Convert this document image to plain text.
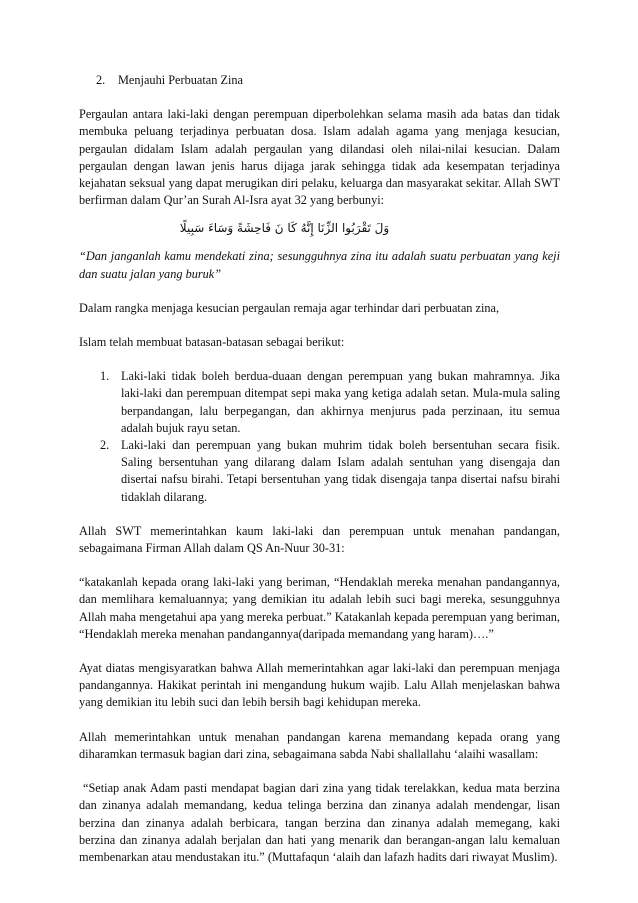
2. Menjauhi Perbuatan Zina

Pergaulan antara laki-laki dengan perempuan diperbolehkan selama masih ada batas dan tidak membuka peluang terjadinya perbuatan dosa. Islam adalah agama yang menjaga kesucian, pergaulan didalam Islam adalah pergaulan yang dilandasi oleh nilai-nilai kesucian. Dalam pergaulan dengan lawan jenis harus dijaga jarak sehingga tidak ada kesempatan terjadinya kejahatan seksual yang dapat merugikan diri pelaku, keluarga dan masyarakat sekitar. Allah SWT berfirman dalam Qur’an Surah Al-Isra ayat 32 yang berbunyi:

وَلَ تَقْرَبُوا الزِّنَا إِنَّهُ كَا نَ فَاحِشَةً وَسَاءَ سَبِيلًا

“Dan janganlah kamu mendekati zina; sesungguhnya zina itu adalah suatu perbuatan yang keji dan suatu jalan yang buruk”

Dalam rangka menjaga kesucian pergaulan remaja agar terhindar dari perbuatan zina,

Islam telah membuat batasan-batasan sebagai berikut:

1. Laki-laki tidak boleh berdua-duaan dengan perempuan yang bukan mahramnya. Jika laki-laki dan perempuan ditempat sepi maka yang ketiga adalah setan. Mula-mula saling berpandangan, lalu berpegangan, dan akhirnya menjurus pada perzinaan, itu semua adalah bujuk rayu setan.
2. Laki-laki dan perempuan yang bukan muhrim tidak boleh bersentuhan secara fisik. Saling bersentuhan yang dilarang dalam Islam adalah sentuhan yang disengaja dan disertai nafsu birahi. Tetapi bersentuhan yang tidak disengaja tanpa disertai nafsu birahi tidaklah dilarang.

Allah SWT memerintahkan kaum laki-laki dan perempuan untuk menahan pandangan, sebagaimana Firman Allah dalam QS An-Nuur 30-31:

“katakanlah kepada orang laki-laki yang beriman, “Hendaklah mereka menahan pandangannya, dan memlihara kemaluannya; yang demikian itu adalah lebih suci bagi mereka, sesungguhnya Allah maha mengetahui apa yang mereka perbuat.” Katakanlah kepada perempuan yang beriman, “Hendaklah mereka menahan pandangannya(daripada memandang yang haram)….”

Ayat diatas mengisyaratkan bahwa Allah memerintahkan agar laki-laki dan perempuan menjaga pandangannya. Hakikat perintah ini mengandung hukum wajib. Lalu Allah menjelaskan bahwa yang demikian itu lebih suci dan lebih bersih bagi kehidupan mereka.

Allah memerintahkan untuk menahan pandangan karena memandang kepada orang yang diharamkan termasuk bagian dari zina, sebagaimana sabda Nabi shallallahu ‘alaihi wasallam:

“Setiap anak Adam pasti mendapat bagian dari zina yang tidak terelakkan, kedua mata berzina dan zinanya adalah memandang, kedua telinga berzina dan zinanya adalah mendengar, lisan berzina dan zinanya adalah berbicara, tangan berzina dan zinanya adalah memegang, kaki berzina dan zinanya adalah berjalan dan hati yang menarik dan berangan-angan lalu kemaluan membenarkan atau mendustakan itu.” (Muttafaqun ‘alaih dan lafazh hadits dari riwayat Muslim).
